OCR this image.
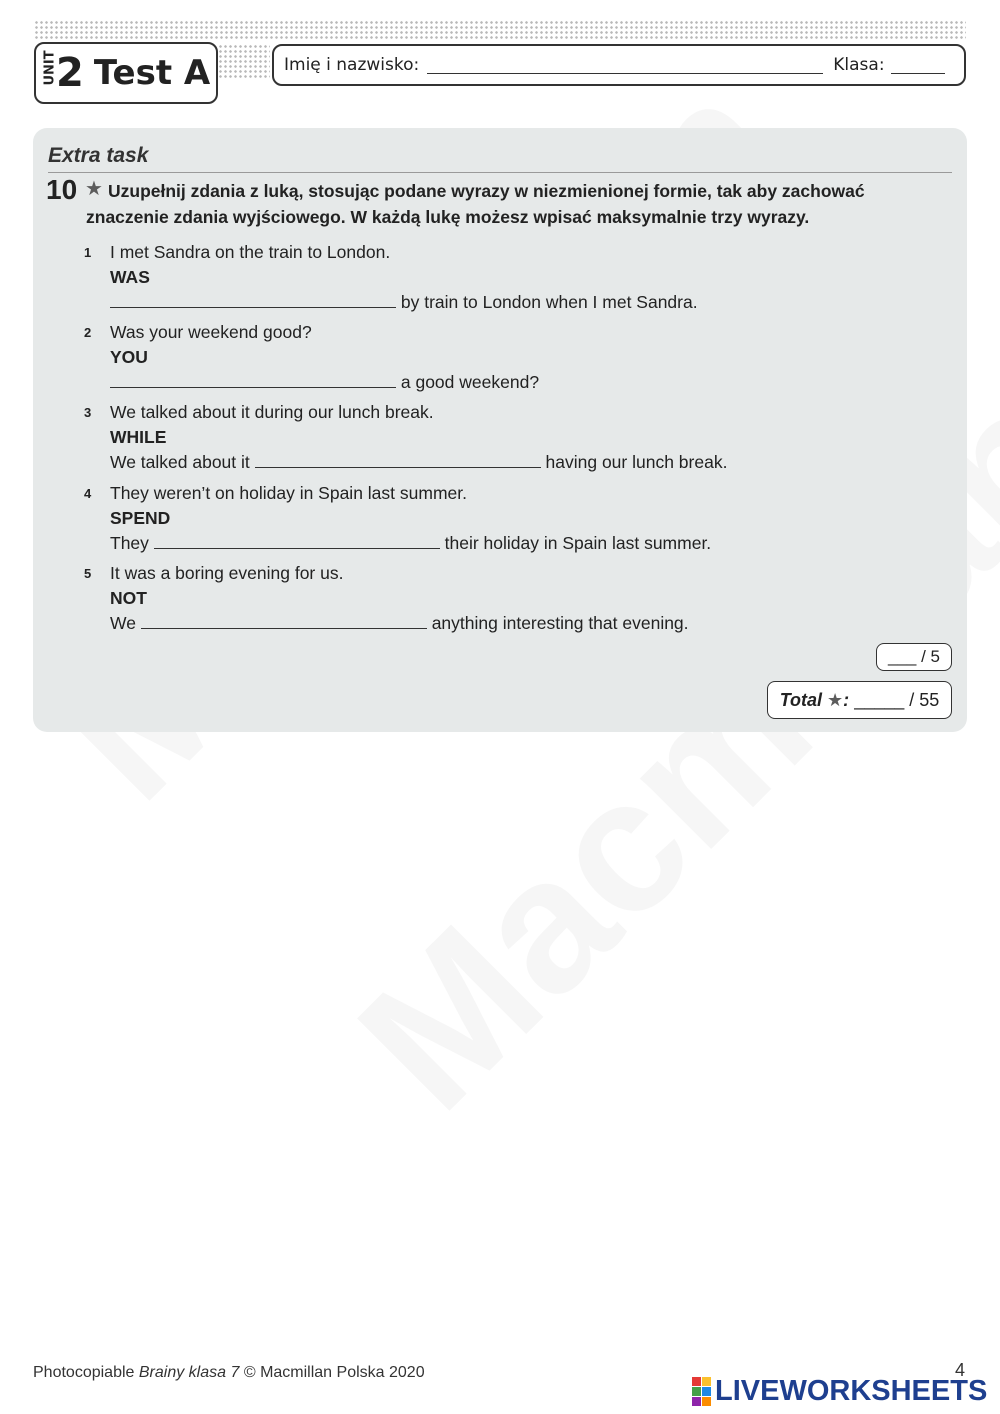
UNIT
2 Test A	Imię i nazwisko:	Klasa:
Extra task
10 ★ Uzupełnij zdania z luką, stosując podane wyrazy w niezmienionej formie, tak aby zachować znaczenie zdania wyjściowego. W każdą lukę możesz wpisać maksymalnie trzy wyrazy.
1	I met Sandra on the train to London.
WAS
by train to London when I met Sandra.
2	Was your weekend good?
YOU
a good weekend?
3	We talked about it during our lunch break.
WHILE
We talked about it	having our lunch break.
4	They weren’t on holiday in Spain last summer.
SPEND
They	their holiday in Spain last summer.
5	It was a boring evening for us.
NOT
We	anything interesting that evening.
___ / 5
Total ★: _____ / 55
Photocopiable Brainy klasa 7 © Macmillan Polska 2020
LIVEWORKSHEETS
4
